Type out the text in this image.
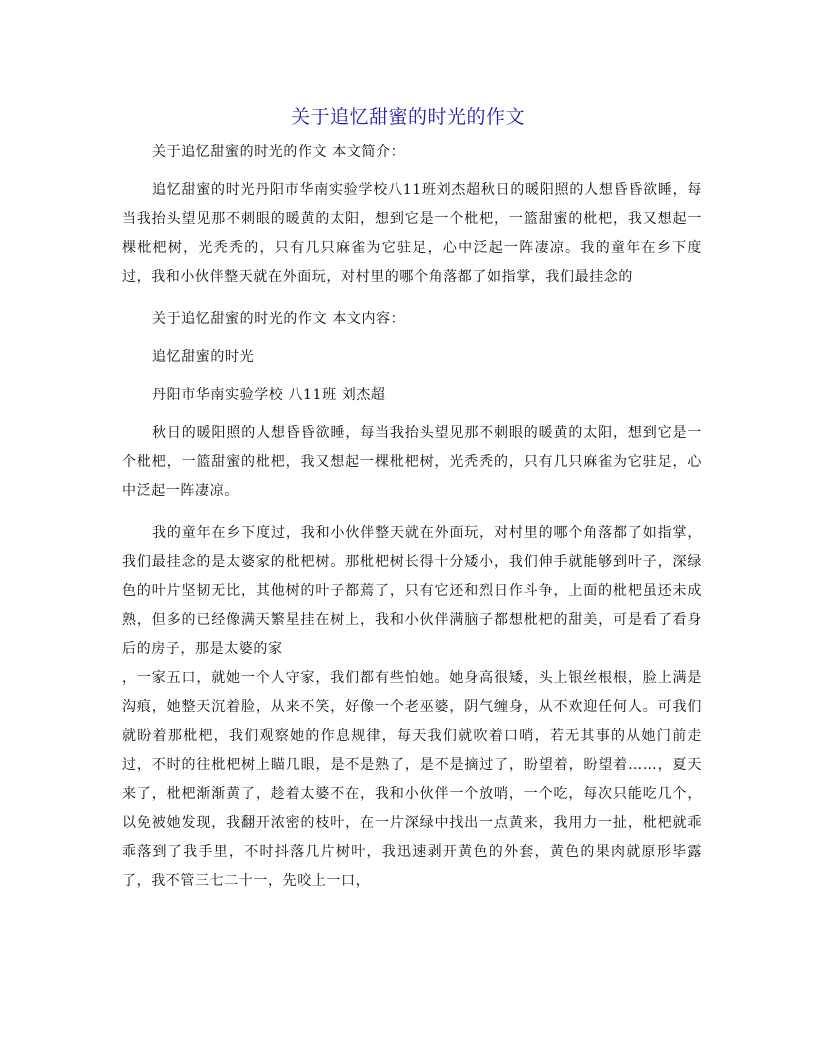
关于追忆甜蜜的时光的作文

关于追忆甜蜜的时光的作文 本文简介：

追忆甜蜜的时光丹阳市华南实验学校八11班刘杰超秋日的暖阳照的人想昏昏欲睡，每当我抬头望见那不刺眼的暖黄的太阳，想到它是一个枇杷，一篮甜蜜的枇杷，我又想起一棵枇杷树，光秃秃的，只有几只麻雀为它驻足，心中泛起一阵凄凉。我的童年在乡下度过，我和小伙伴整天就在外面玩，对村里的哪个角落都了如指掌，我们最挂念的

关于追忆甜蜜的时光的作文 本文内容：

追忆甜蜜的时光

丹阳市华南实验学校 八11班 刘杰超

秋日的暖阳照的人想昏昏欲睡，每当我抬头望见那不刺眼的暖黄的太阳，想到它是一个枇杷，一篮甜蜜的枇杷，我又想起一棵枇杷树，光秃秃的，只有几只麻雀为它驻足，心中泛起一阵凄凉。

我的童年在乡下度过，我和小伙伴整天就在外面玩，对村里的哪个角落都了如指掌，我们最挂念的是太婆家的枇杷树。那枇杷树长得十分矮小，我们伸手就能够到叶子，深绿色的叶片坚韧无比，其他树的叶子都蔫了，只有它还和烈日作斗争，上面的枇杷虽还未成熟，但多的已经像满天繁星挂在树上，我和小伙伴满脑子都想枇杷的甜美，可是看了看身后的房子，那是太婆的家

，一家五口，就她一个人守家，我们都有些怕她。她身高很矮，头上银丝根根，脸上满是沟痕，她整天沉着脸，从来不笑，好像一个老巫婆，阴气缠身，从不欢迎任何人。可我们就盼着那枇杷，我们观察她的作息规律，每天我们就吹着口哨，若无其事的从她门前走过，不时的往枇杷树上瞄几眼，是不是熟了，是不是摘过了，盼望着，盼望着……，夏天来了，枇杷渐渐黄了，趁着太婆不在，我和小伙伴一个放哨，一个吃，每次只能吃几个，以免被她发现，我翻开浓密的枝叶，在一片深绿中找出一点黄来，我用力一扯，枇杷就乖乖落到了我手里，不时抖落几片树叶，我迅速剥开黄色的外套，黄色的果肉就原形毕露了，我不管三七二十一，先咬上一口，
